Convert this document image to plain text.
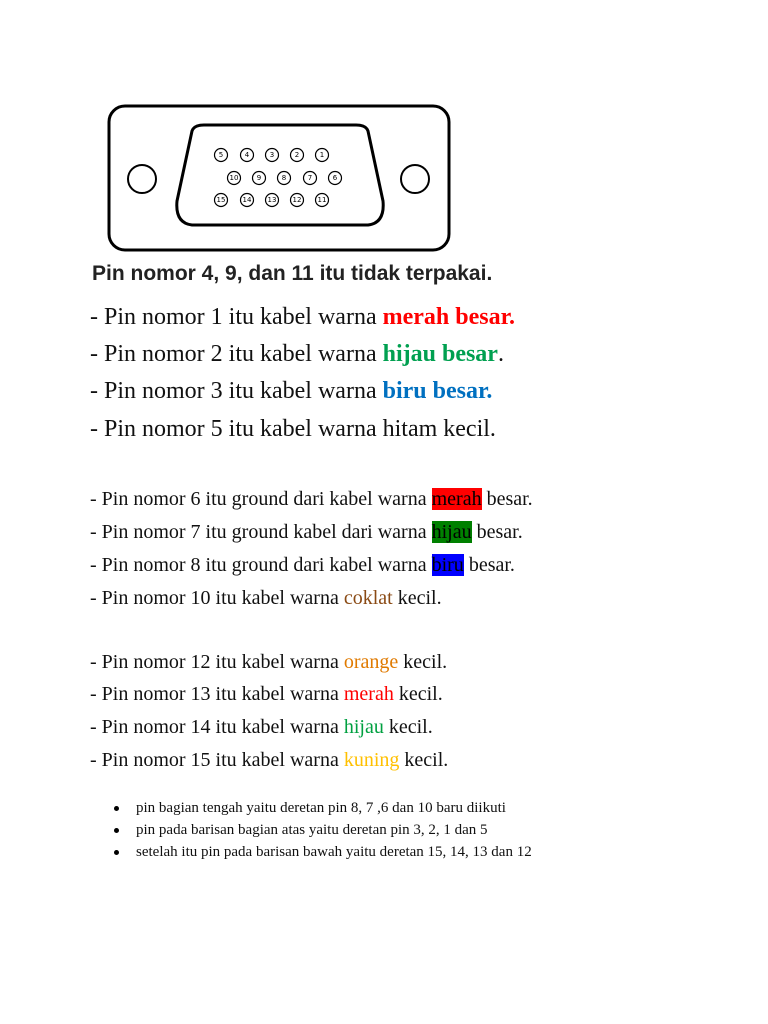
5	4	3	2	1
10	9	8	7	6
15 14 13 12 11
Pin nomor 4, 9, dan 11 itu tidak terpakai.
- Pin nomor 1 itu kabel warna merah besar.
- Pin nomor 2 itu kabel warna hijau besar.
- Pin nomor 3 itu kabel warna biru besar.
- Pin nomor 5 itu kabel warna hitam kecil.
- Pin nomor 6 itu ground dari kabel warna merah besar.
- Pin nomor 7 itu ground kabel dari warna hijau besar.
- Pin nomor 8 itu ground dari kabel warna biru besar.
- Pin nomor 10 itu kabel warna coklat kecil.
- Pin nomor 12 itu kabel warna orange kecil.
- Pin nomor 13 itu kabel warna merah kecil.
- Pin nomor 14 itu kabel warna hijau kecil.
- Pin nomor 15 itu kabel warna kuning kecil.
pin bagian tengah yaitu deretan pin 8, 7 ,6 dan 10 baru diikuti
pin pada barisan bagian atas yaitu deretan pin 3, 2, 1 dan 5
setelah itu pin pada barisan bawah yaitu deretan 15, 14, 13 dan 12
